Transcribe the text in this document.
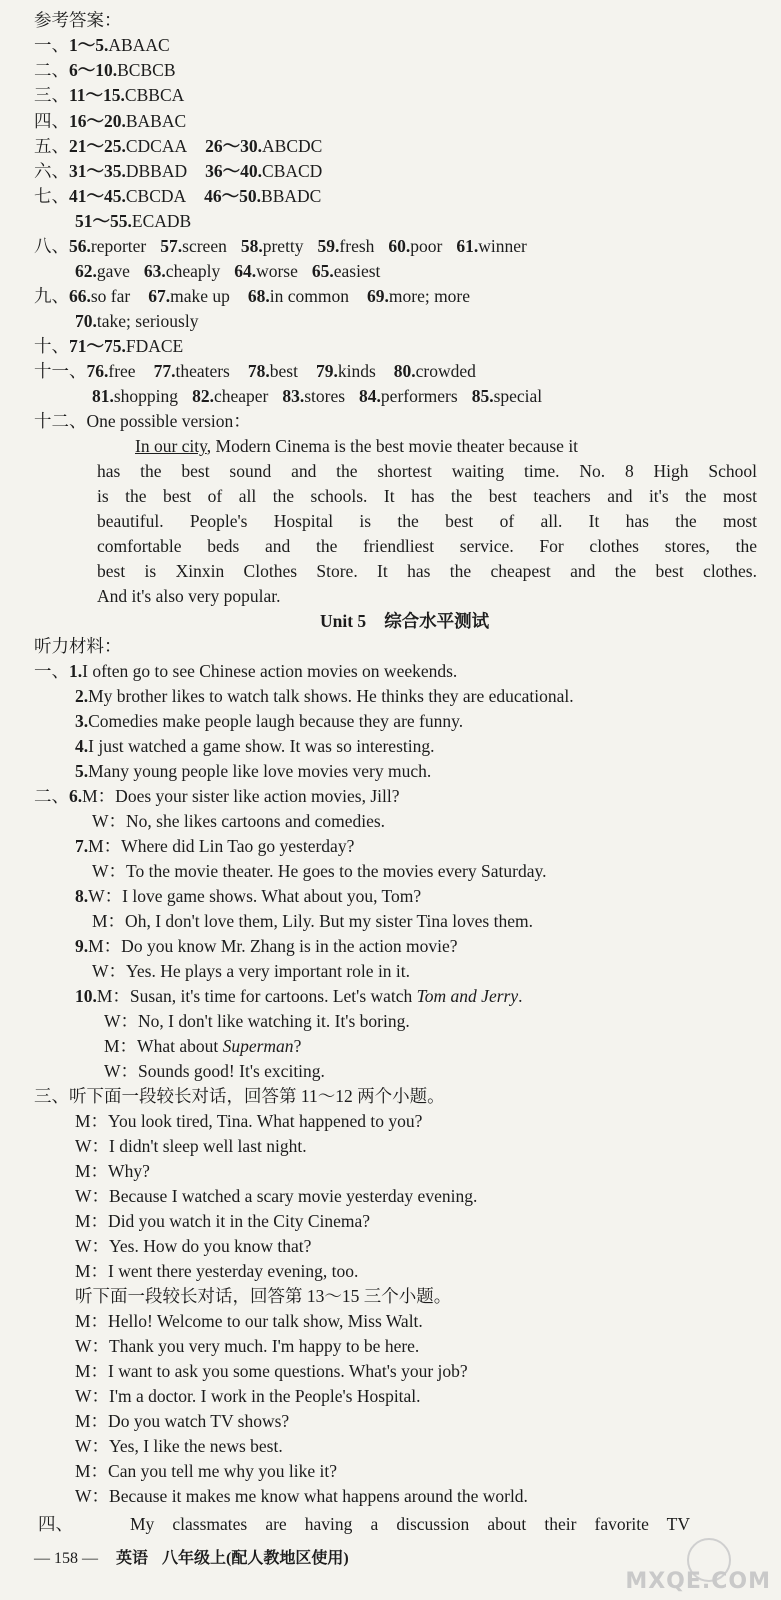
参考答案：
一、1～5.ABAAC
二、6～10.BCBCB
三、11～15.CBBCA
四、16～20.BABAC
五、21～25.CDCAA 26～30.ABCDC
六、31～35.DBBAD 36～40.CBACD
七、41～45.CBCDA 46～50.BBADC
51～55.ECADB
八、56.reporter 57.screen 58.pretty 59.fresh 60.poor 61.winner
62.gave 63.cheaply 64.worse 65.easiest
九、66.so far 67.make up 68.in common 69.more; more
70.take; seriously
十、71～75.FDACE
十一、76.free 77.theaters 78.best 79.kinds 80.crowded
81.shopping 82.cheaper 83.stores 84.performers 85.special
十二、One possible version：
In our city, Modern Cinema is the best movie theater because it
has the best sound and the shortest waiting time. No. 8 High School
is the best of all the schools. It has the best teachers and it's the most
beautiful. People's Hospital is the best of all. It has the most
comfortable beds and the friendliest service. For clothes stores, the
best is Xinxin Clothes Store. It has the cheapest and the best clothes.
And it's also very popular.
Unit 5 综合水平测试
听力材料：
一、1.I often go to see Chinese action movies on weekends.
2.My brother likes to watch talk shows. He thinks they are educational.
3.Comedies make people laugh because they are funny.
4.I just watched a game show. It was so interesting.
5.Many young people like love movies very much.
二、6.M：Does your sister like action movies, Jill?
W：No, she likes cartoons and comedies.
7.M：Where did Lin Tao go yesterday?
W：To the movie theater. He goes to the movies every Saturday.
8.W：I love game shows. What about you, Tom?
M：Oh, I don't love them, Lily. But my sister Tina loves them.
9.M：Do you know Mr. Zhang is in the action movie?
W：Yes. He plays a very important role in it.
10.M：Susan, it's time for cartoons. Let's watch Tom and Jerry.
W：No, I don't like watching it. It's boring.
M：What about Superman?
W：Sounds good! It's exciting.
三、听下面一段较长对话，回答第 11～12 两个小题。
M：You look tired, Tina. What happened to you?
W：I didn't sleep well last night.
M：Why?
W：Because I watched a scary movie yesterday evening.
M：Did you watch it in the City Cinema?
W：Yes. How do you know that?
M：I went there yesterday evening, too.
听下面一段较长对话，回答第 13～15 三个小题。
M：Hello! Welcome to our talk show, Miss Walt.
W：Thank you very much. I'm happy to be here.
M：I want to ask you some questions. What's your job?
W：I'm a doctor. I work in the People's Hospital.
M：Do you watch TV shows?
W：Yes, I like the news best.
M：Can you tell me why you like it?
W：Because it makes me know what happens around the world.
四、	My classmates are having a discussion about their favorite TV
— 158 — 英语 八年级上(配人教地区使用)
MXQE.COM
